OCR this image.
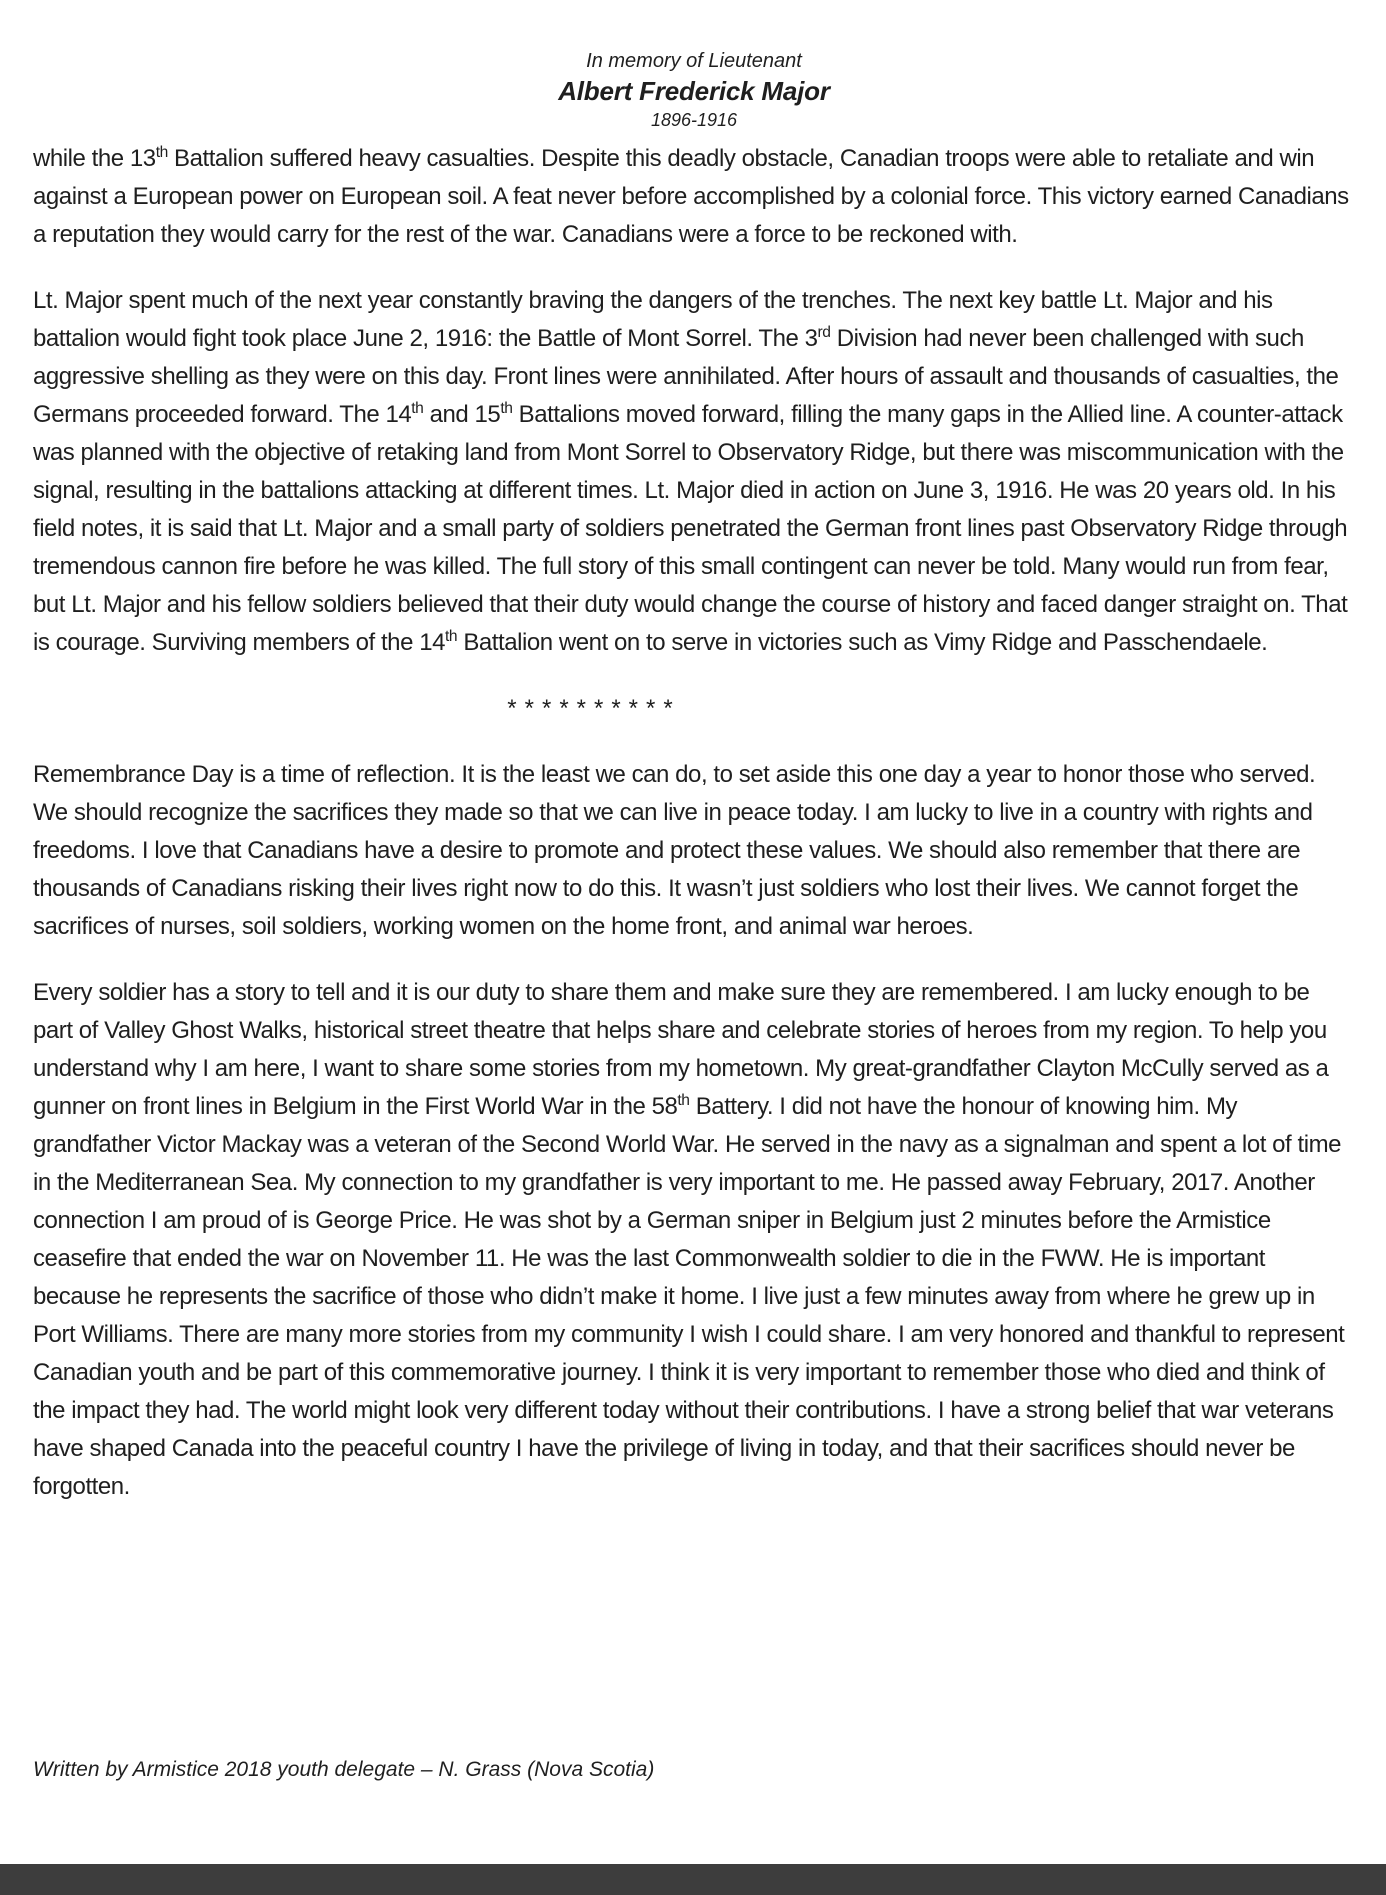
In memory of Lieutenant
Albert Frederick Major
1896-1916

while the 13th Battalion suffered heavy casualties. Despite this deadly obstacle, Canadian troops were able to retaliate and win against a European power on European soil. A feat never before accomplished by a colonial force. This victory earned Canadians a reputation they would carry for the rest of the war. Canadians were a force to be reckoned with.

Lt. Major spent much of the next year constantly braving the dangers of the trenches. The next key battle Lt. Major and his battalion would fight took place June 2, 1916: the Battle of Mont Sorrel. The 3rd Division had never been challenged with such aggressive shelling as they were on this day. Front lines were annihilated. After hours of assault and thousands of casualties, the Germans proceeded forward. The 14th and 15th Battalions moved forward, filling the many gaps in the Allied line. A counter-attack was planned with the objective of retaking land from Mont Sorrel to Observatory Ridge, but there was miscommunication with the signal, resulting in the battalions attacking at different times. Lt. Major died in action on June 3, 1916. He was 20 years old. In his field notes, it is said that Lt. Major and a small party of soldiers penetrated the German front lines past Observatory Ridge through tremendous cannon fire before he was killed. The full story of this small contingent can never be told. Many would run from fear, but Lt. Major and his fellow soldiers believed that their duty would change the course of history and faced danger straight on. That is courage. Surviving members of the 14th Battalion went on to serve in victories such as Vimy Ridge and Passchendaele.

**********

Remembrance Day is a time of reflection. It is the least we can do, to set aside this one day a year to honor those who served. We should recognize the sacrifices they made so that we can live in peace today. I am lucky to live in a country with rights and freedoms. I love that Canadians have a desire to promote and protect these values. We should also remember that there are thousands of Canadians risking their lives right now to do this. It wasn’t just soldiers who lost their lives. We cannot forget the sacrifices of nurses, soil soldiers, working women on the home front, and animal war heroes.

Every soldier has a story to tell and it is our duty to share them and make sure they are remembered. I am lucky enough to be part of Valley Ghost Walks, historical street theatre that helps share and celebrate stories of heroes from my region. To help you understand why I am here, I want to share some stories from my hometown. My great-grandfather Clayton McCully served as a gunner on front lines in Belgium in the First World War in the 58th Battery. I did not have the honour of knowing him. My grandfather Victor Mackay was a veteran of the Second World War. He served in the navy as a signalman and spent a lot of time in the Mediterranean Sea. My connection to my grandfather is very important to me. He passed away February, 2017. Another connection I am proud of is George Price. He was shot by a German sniper in Belgium just 2 minutes before the Armistice ceasefire that ended the war on November 11. He was the last Commonwealth soldier to die in the FWW. He is important because he represents the sacrifice of those who didn’t make it home. I live just a few minutes away from where he grew up in Port Williams. There are many more stories from my community I wish I could share. I am very honored and thankful to represent Canadian youth and be part of this commemorative journey. I think it is very important to remember those who died and think of the impact they had. The world might look very different today without their contributions. I have a strong belief that war veterans have shaped Canada into the peaceful country I have the privilege of living in today, and that their sacrifices should never be forgotten.

Written by Armistice 2018 youth delegate – N. Grass (Nova Scotia)
